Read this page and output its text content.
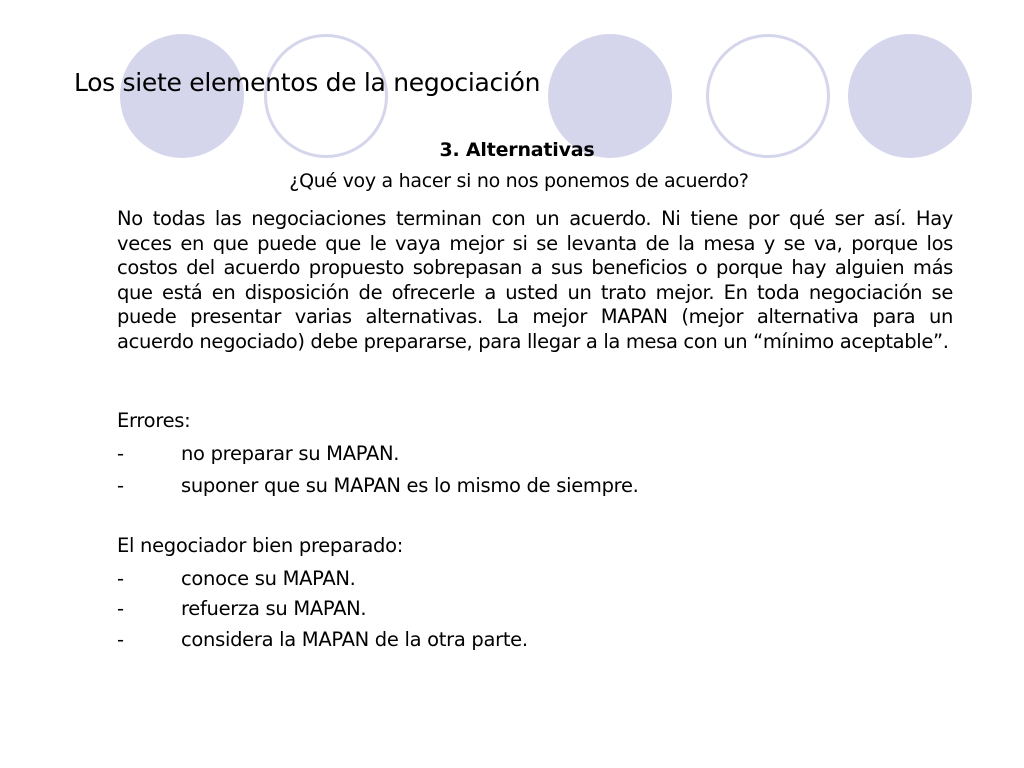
Los siete elementos de la negociación
3. Alternativas
¿Qué voy a hacer si no nos ponemos de acuerdo?

No todas las negociaciones terminan con un acuerdo. Ni tiene por qué ser así. Hay veces en que puede que le vaya mejor si se levanta de la mesa y se va, porque los costos del acuerdo propuesto sobrepasan a sus beneficios o porque hay alguien más que está en disposición de ofrecerle a usted un trato mejor. En toda negociación se puede presentar varias alternativas. La mejor MAPAN (mejor alternativa para un acuerdo negociado) debe prepararse, para llegar a la mesa con un “mínimo aceptable”.

Errores:
-	no preparar su MAPAN.
-	suponer que su MAPAN es lo mismo de siempre.
El negociador bien preparado:
-	conoce su MAPAN.
-	refuerza su MAPAN.
-	considera la MAPAN de la otra parte.
